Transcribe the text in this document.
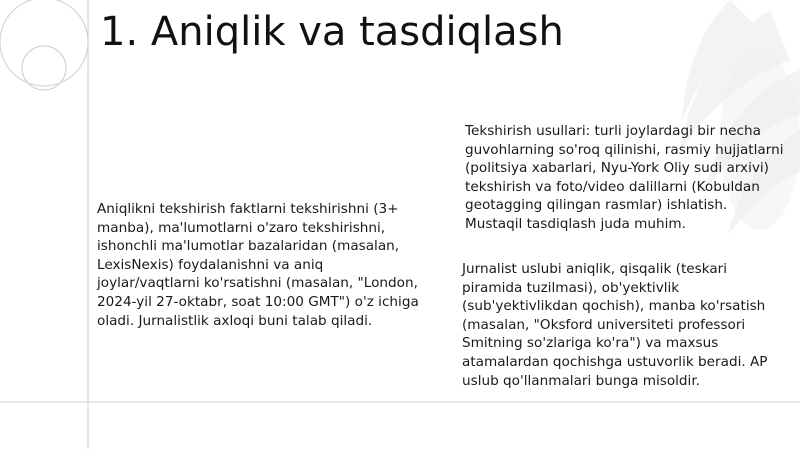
1. Aniqlik va tasdiqlash

Aniqlikni tekshirish faktlarni tekshirishni (3+ manba), ma'lumotlarni o'zaro tekshirishni, ishonchli ma'lumotlar bazalaridan (masalan, LexisNexis) foydalanishni va aniq joylar/vaqtlarni ko'rsatishni (masalan, "London, 2024-yil 27-oktabr, soat 10:00 GMT") o'z ichiga oladi. Jurnalistlik axloqi buni talab qiladi.

Tekshirish usullari: turli joylardagi bir necha guvohlarning so'roq qilinishi, rasmiy hujjatlarni (politsiya xabarlari, Nyu-York Oliy sudi arxivi) tekshirish va foto/video dalillarni (Kobuldan geotagging qilingan rasmlar) ishlatish. Mustaqil tasdiqlash juda muhim.

Jurnalist uslubi aniqlik, qisqalik (teskari piramida tuzilmasi), ob'yektivlik (sub'yektivlikdan qochish), manba ko'rsatish (masalan, "Oksford universiteti professori Smitning so'zlariga ko'ra") va maxsus atamalardan qochishga ustuvorlik beradi. AP uslub qo'llanmalari bunga misoldir.
